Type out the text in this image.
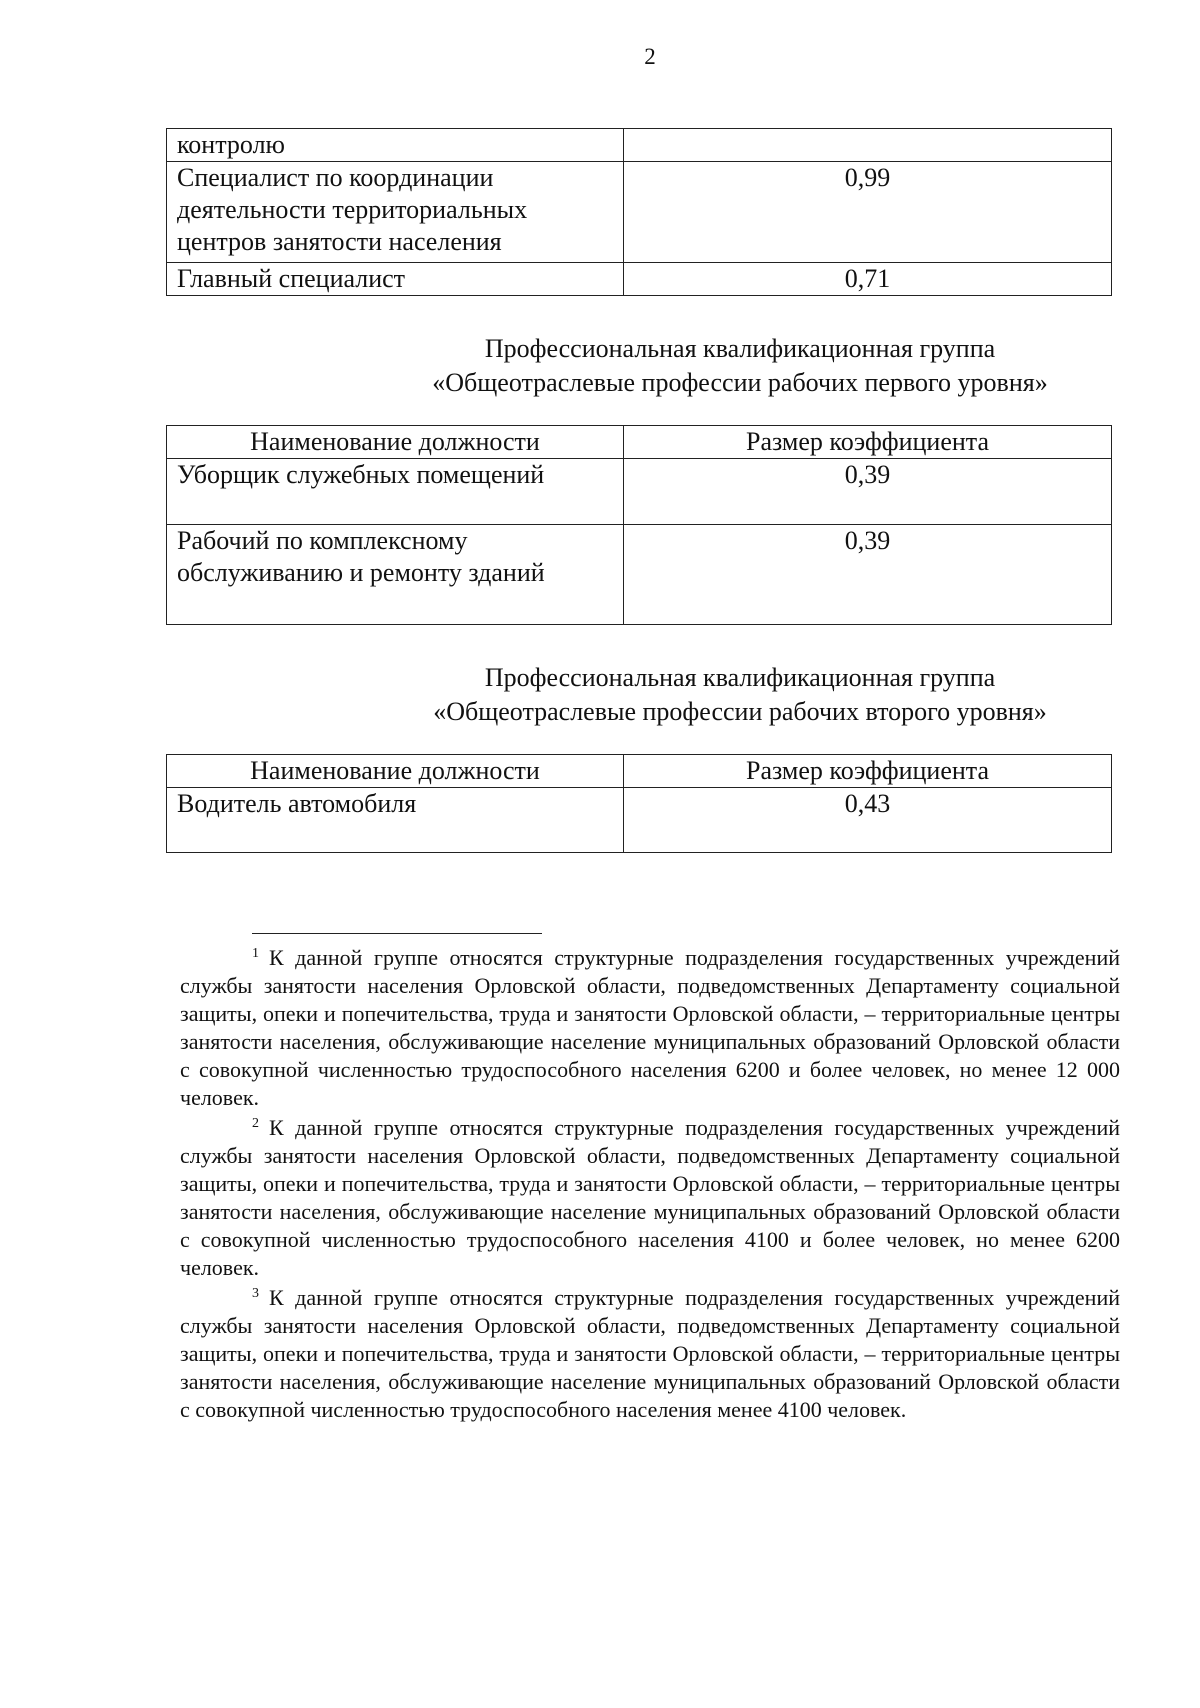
2
контролю	
Специалист по координации деятельности территориальных центров занятости населения	0,99
Главный специалист	0,71
Профессиональная квалификационная группа
«Общеотраслевые профессии рабочих первого уровня»
Наименование должности	Размер коэффициента
Уборщик служебных помещений	0,39
Рабочий по комплексному обслуживанию и ремонту зданий	0,39
Профессиональная квалификационная группа
«Общеотраслевые профессии рабочих второго уровня»
Наименование должности	Размер коэффициента
Водитель автомобиля	0,43

$^1$ К данной группе относятся структурные подразделения государственных учреждений службы занятости населения Орловской области, подведомственных Департаменту социальной защиты, опеки и попечительства, труда и занятости Орловской области, – территориальные центры занятости населения, обслуживающие население муниципальных образований Орловской области с совокупной численностью трудоспособного населения 6200 и более человек, но менее 12 000 человек.

$^2$ К данной группе относятся структурные подразделения государственных учреждений службы занятости населения Орловской области, подведомственных Департаменту социальной защиты, опеки и попечительства, труда и занятости Орловской области, – территориальные центры занятости населения, обслуживающие население муниципальных образований Орловской области с совокупной численностью трудоспособного населения 4100 и более человек, но менее 6200 человек.

$^3$ К данной группе относятся структурные подразделения государственных учреждений службы занятости населения Орловской области, подведомственных Департаменту социальной защиты, опеки и попечительства, труда и занятости Орловской области, – территориальные центры занятости населения, обслуживающие население муниципальных образований Орловской области с совокупной численностью трудоспособного населения менее 4100 человек.
